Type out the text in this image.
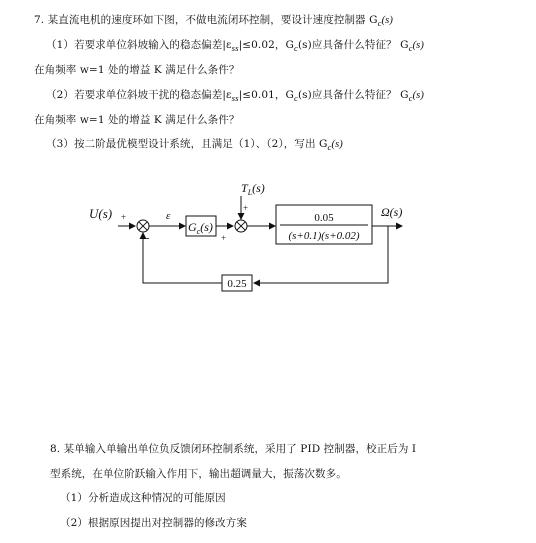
7. 某直流电机的速度环如下图，不做电流闭环控制，要设计速度控制器 $G_c(s)$
（1）若要求单位斜坡输入的稳态偏差$|\varepsilon_{ss}|\le 0.02$，$G_c(s)$应具备什么特征？ $G_c(s)$
在角频率 w=1 处的增益 K 满足什么条件？
（2）若要求单位斜坡干扰的稳态偏差$|\varepsilon_{ss}|\le 0.01$，$G_c(s)$应具备什么特征？ $G_c(s)$
在角频率 w=1 处的增益 K 满足什么条件？
（3）按二阶最优模型设计系统，且满足（1）、（2），写出 $G_c(s)$
U(s) +
-
ε
$G_c(s)$
$T_L(s)$
+
+
0.05
(s+0.1)(s+0.02)
Ω(s)
0.25
8. 某单输入单输出单位负反馈闭环控制系统，采用了 PID 控制器，校正后为 I
型系统，在单位阶跃输入作用下，输出超调量大，振荡次数多。
（1）分析造成这种情况的可能原因
（2）根据原因提出对控制器的修改方案
